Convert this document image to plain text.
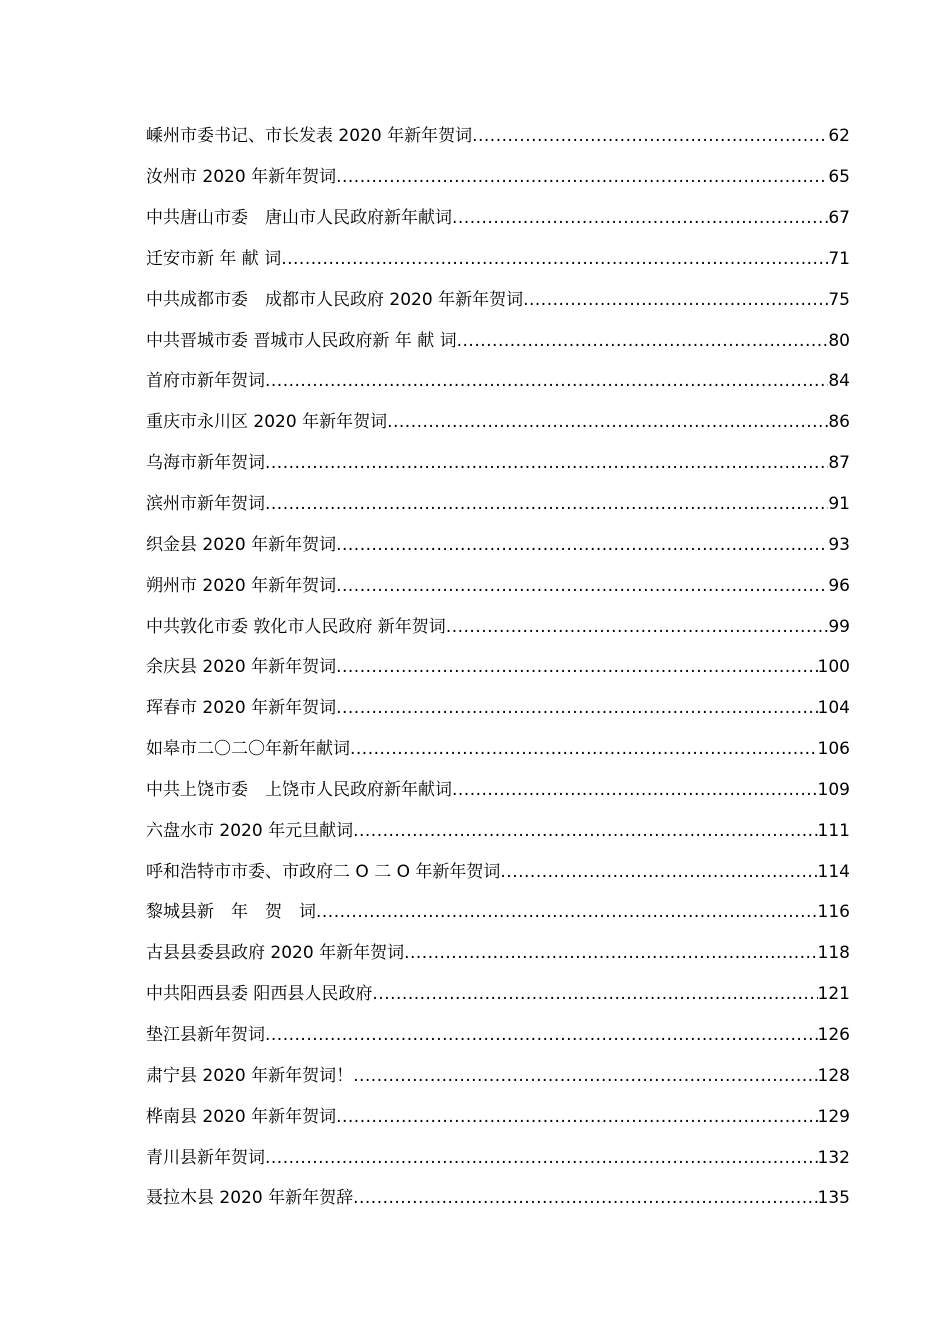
嵊州市委书记、市长发表 2020 年新年贺词 .....	62
汝州市 2020 年新年贺词 .....	65
中共唐山市委　唐山市人民政府新年献词 .....	67
迁安市新 年 献 词 .....	71
中共成都市委　成都市人民政府 2020 年新年贺词 .....	75
中共晋城市委 晋城市人民政府新 年 献 词 .....	80
首府市新年贺词 .....	84
重庆市永川区 2020 年新年贺词 .....	86
乌海市新年贺词 .....	87
滨州市新年贺词 .....	91
织金县 2020 年新年贺词 .....	93
朔州市 2020 年新年贺词 .....	96
中共敦化市委 敦化市人民政府 新年贺词 .....	99
余庆县 2020 年新年贺词 .....	100
珲春市 2020 年新年贺词 .....	104
如皋市二〇二〇年新年献词 .....	106
中共上饶市委　上饶市人民政府新年献词 .....	109
六盘水市 2020 年元旦献词 .....	111
呼和浩特市市委、市政府二 O 二 O 年新年贺词 .....	114
黎城县新　年　贺　词 .....	116
古县县委县政府 2020 年新年贺词 .....	118
中共阳西县委 阳西县人民政府 .....	121
垫江县新年贺词 .....	126
肃宁县 2020 年新年贺词！ .....	128
桦南县 2020 年新年贺词 .....	129
青川县新年贺词 .....	132
聂拉木县 2020 年新年贺辞 .....	135
